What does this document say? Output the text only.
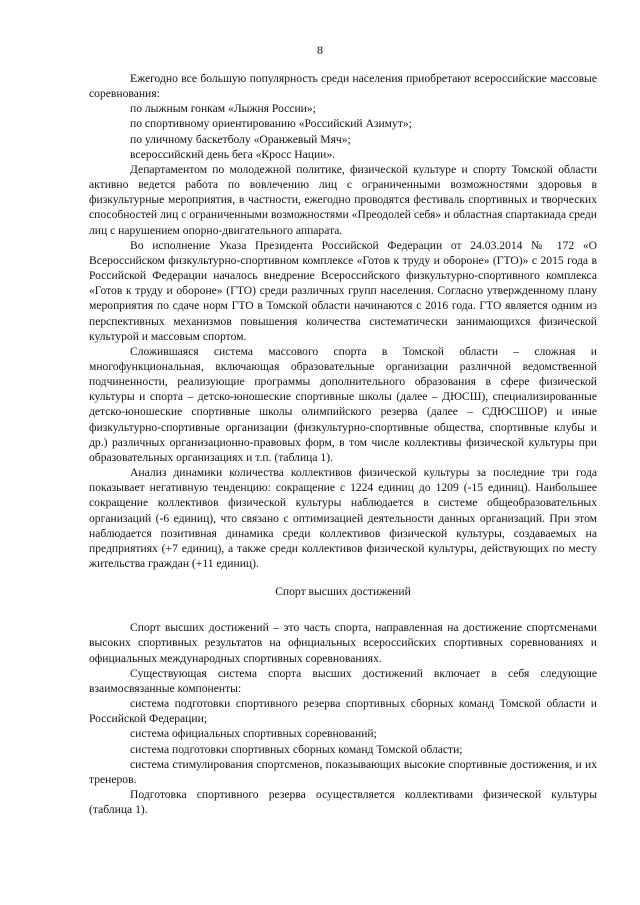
8

Ежегодно все большую популярность среди населения приобретают всероссийские массовые соревнования:

по лыжным гонкам «Лыжня России»;

по спортивному ориентированию «Российский Азимут»;

по уличному баскетболу «Оранжевый Мяч»;

всероссийский день бега «Кросс Нации».

Департаментом по молодежной политике, физической культуре и спорту Томской области активно ведется работа по вовлечению лиц с ограниченными возможностями здоровья в физкультурные мероприятия, в частности, ежегодно проводятся фестиваль спортивных и творческих способностей лиц с ограниченными возможностями «Преодолей себя» и областная спартакиада среди лиц с нарушением опорно-двигательного аппарата.

Во исполнение Указа Президента Российской Федерации от 24.03.2014 № 172 «О Всероссийском физкультурно-спортивном комплексе «Готов к труду и обороне» (ГТО)» с 2015 года в Российской Федерации началось внедрение Всероссийского физкультурно-спортивного комплекса «Готов к труду и обороне» (ГТО) среди различных групп населения. Согласно утвержденному плану мероприятия по сдаче норм ГТО в Томской области начинаются с 2016 года. ГТО является одним из перспективных механизмов повышения количества систематически занимающихся физической культурой и массовым спортом.

Сложившаяся система массового спорта в Томской области – сложная и многофункциональная, включающая образовательные организации различной ведомственной подчиненности, реализующие программы дополнительного образования в сфере физической культуры и спорта – детско-юношеские спортивные школы (далее – ДЮСШ), специализированные детско-юношеские спортивные школы олимпийского резерва (далее – СДЮСШОР) и иные физкультурно-спортивные организации (физкультурно-спортивные общества, спортивные клубы и др.) различных организационно-правовых форм, в том числе коллективы физической культуры при образовательных организациях и т.п. (таблица 1).

Анализ динамики количества коллективов физической культуры за последние три года показывает негативную тенденцию: сокращение с 1224 единиц до 1209 (-15 единиц). Наибольшее сокращение коллективов физической культуры наблюдается в системе общеобразовательных организаций (-6 единиц), что связано с оптимизацией деятельности данных организаций. При этом наблюдается позитивная динамика среди коллективов физической культуры, создаваемых на предприятиях (+7 единиц), а также среди коллективов физической культуры, действующих по месту жительства граждан (+11 единиц).

Спорт высших достижений

Спорт высших достижений – это часть спорта, направленная на достижение спортсменами высоких спортивных результатов на официальных всероссийских спортивных соревнованиях и официальных международных спортивных соревнованиях.

Существующая система спорта высших достижений включает в себя следующие взаимосвязанные компоненты:

система подготовки спортивного резерва спортивных сборных команд Томской области и Российской Федерации;

система официальных спортивных соревнований;

система подготовки спортивных сборных команд Томской области;

система стимулирования спортсменов, показывающих высокие спортивные достижения, и их тренеров.

Подготовка спортивного резерва осуществляется коллективами физической культуры (таблица 1).
